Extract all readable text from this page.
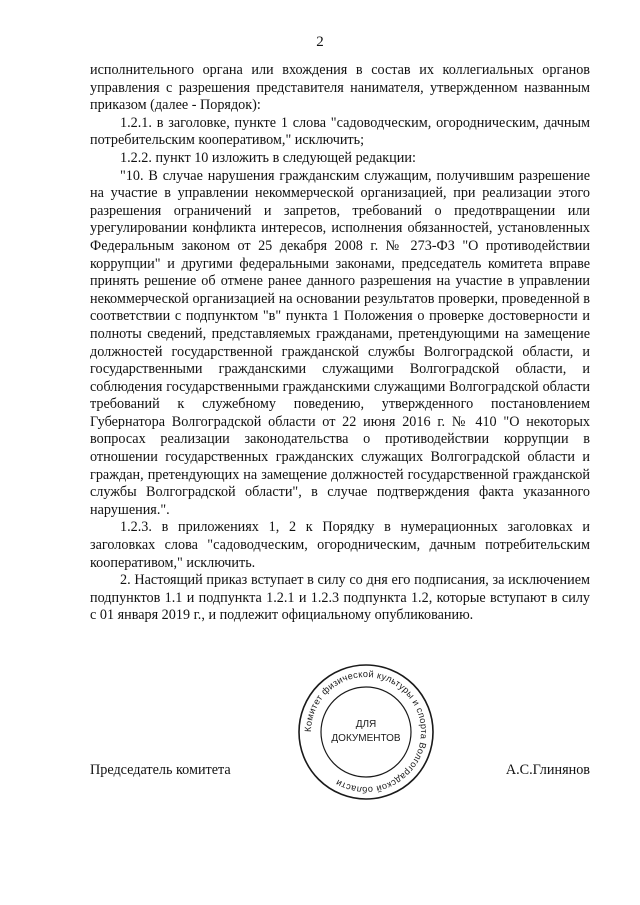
2

исполнительного органа или вхождения в состав их коллегиальных органов управления с разрешения представителя нанимателя, утвержденном названным приказом (далее - Порядок):

1.2.1. в заголовке, пункте 1 слова "садоводческим, огородническим, дачным потребительским кооперативом," исключить;

1.2.2. пункт 10 изложить в следующей редакции:

"10. В случае нарушения гражданским служащим, получившим разрешение на участие в управлении некоммерческой организацией, при реализации этого разрешения ограничений и запретов, требований о предотвращении или урегулировании конфликта интересов, исполнения обязанностей, установленных Федеральным законом от 25 декабря 2008 г. № 273-ФЗ "О противодействии коррупции" и другими федеральными законами, председатель комитета вправе принять решение об отмене ранее данного разрешения на участие в управлении некоммерческой организацией на основании результатов проверки, проведенной в соответствии с подпунктом "в" пункта 1 Положения о проверке достоверности и полноты сведений, представляемых гражданами, претендующими на замещение должностей государственной гражданской службы Волгоградской области, и государственными гражданскими служащими Волгоградской области, и соблюдения государственными гражданскими служащими Волгоградской области требований к служебному поведению, утвержденного постановлением Губернатора Волгоградской области от 22 июня 2016 г. № 410 "О некоторых вопросах реализации законодательства о противодействии коррупции в отношении государственных гражданских служащих Волгоградской области и граждан, претендующих на замещение должностей государственной гражданской службы Волгоградской области", в случае подтверждения факта указанного нарушения.".

1.2.3. в приложениях 1, 2 к Порядку в нумерационных заголовках и заголовках слова "садоводческим, огородническим, дачным потребительским кооперативом," исключить.

2. Настоящий приказ вступает в силу со дня его подписания, за исключением подпунктов 1.1 и подпункта 1.2.1 и 1.2.3 подпункта 1.2, которые вступают в силу с 01 января 2019 г., и подлежит официальному опубликованию.

Председатель комитета	А.С.Глинянов
Комитет физической культуры и спорта Волгоградской области
ДЛЯ
ДОКУМЕНТОВ
